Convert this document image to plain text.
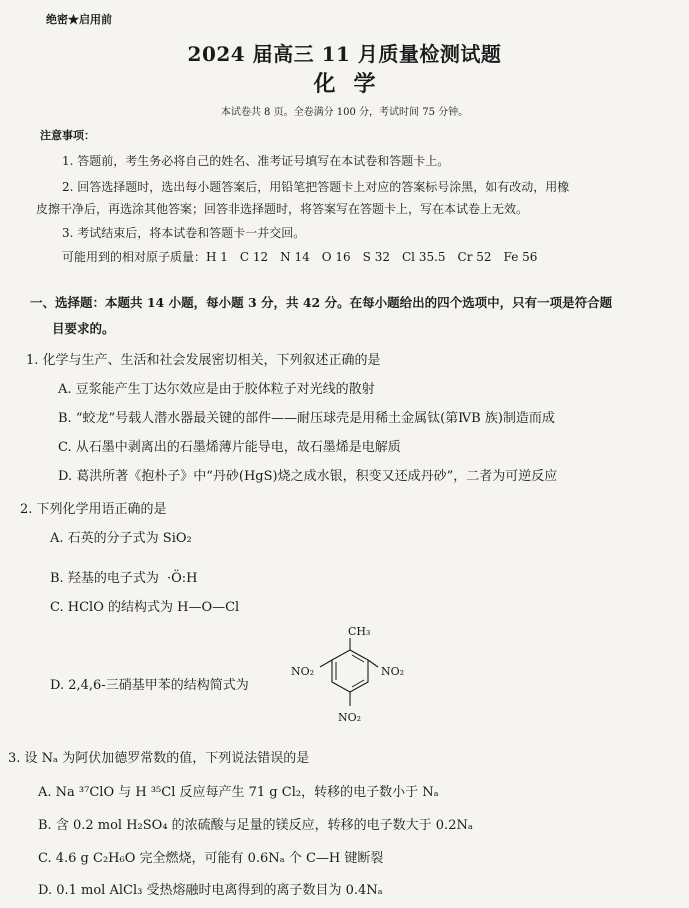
绝密★启用前
2024 届高三 11 月质量检测试题
化学
本试卷共 8 页。全卷满分 100 分，考试时间 75 分钟。
注意事项：
1. 答题前，考生务必将自己的姓名、准考证号填写在本试卷和答题卡上。
2. 回答选择题时，选出每小题答案后，用铅笔把答题卡上对应的答案标号涂黑，如有改动，用橡
皮擦干净后，再选涂其他答案；回答非选择题时，将答案写在答题卡上，写在本试卷上无效。
3. 考试结束后，将本试卷和答题卡一并交回。
可能用到的相对原子质量：H 1　C 12　N 14　O 16　S 32　Cl 35.5　Cr 52　Fe 56
一、选择题：本题共 14 小题，每小题 3 分，共 42 分。在每小题给出的四个选项中，只有一项是符合题
目要求的。
1. 化学与生产、生活和社会发展密切相关，下列叙述正确的是
A. 豆浆能产生丁达尔效应是由于胶体粒子对光线的散射
B. “蛟龙”号载人潜水器最关键的部件——耐压球壳是用稀土金属钛(第ⅣB 族)制造而成
C. 从石墨中剥离出的石墨烯薄片能导电，故石墨烯是电解质
D. 葛洪所著《抱朴子》中“丹砂(HgS)烧之成水银，积变又还成丹砂”，二者为可逆反应
2. 下列化学用语正确的是
A. 石英的分子式为 SiO₂
B. 羟基的电子式为 ·Ö:H
C. HClO 的结构式为 H—O—Cl
D. 2,4,6-三硝基甲苯的结构简式为
CH₃
NO₂	NO₂
NO₂
3. 设 Nₐ 为阿伏加德罗常数的值，下列说法错误的是
A. Na ³⁷ClO 与 H ³⁵Cl 反应每产生 71 g Cl₂，转移的电子数小于 Nₐ
B. 含 0.2 mol H₂SO₄ 的浓硫酸与足量的镁反应，转移的电子数大于 0.2Nₐ
C. 4.6 g C₂H₆O 完全燃烧，可能有 0.6Nₐ 个 C—H 键断裂
D. 0.1 mol AlCl₃ 受热熔融时电离得到的离子数目为 0.4Nₐ
